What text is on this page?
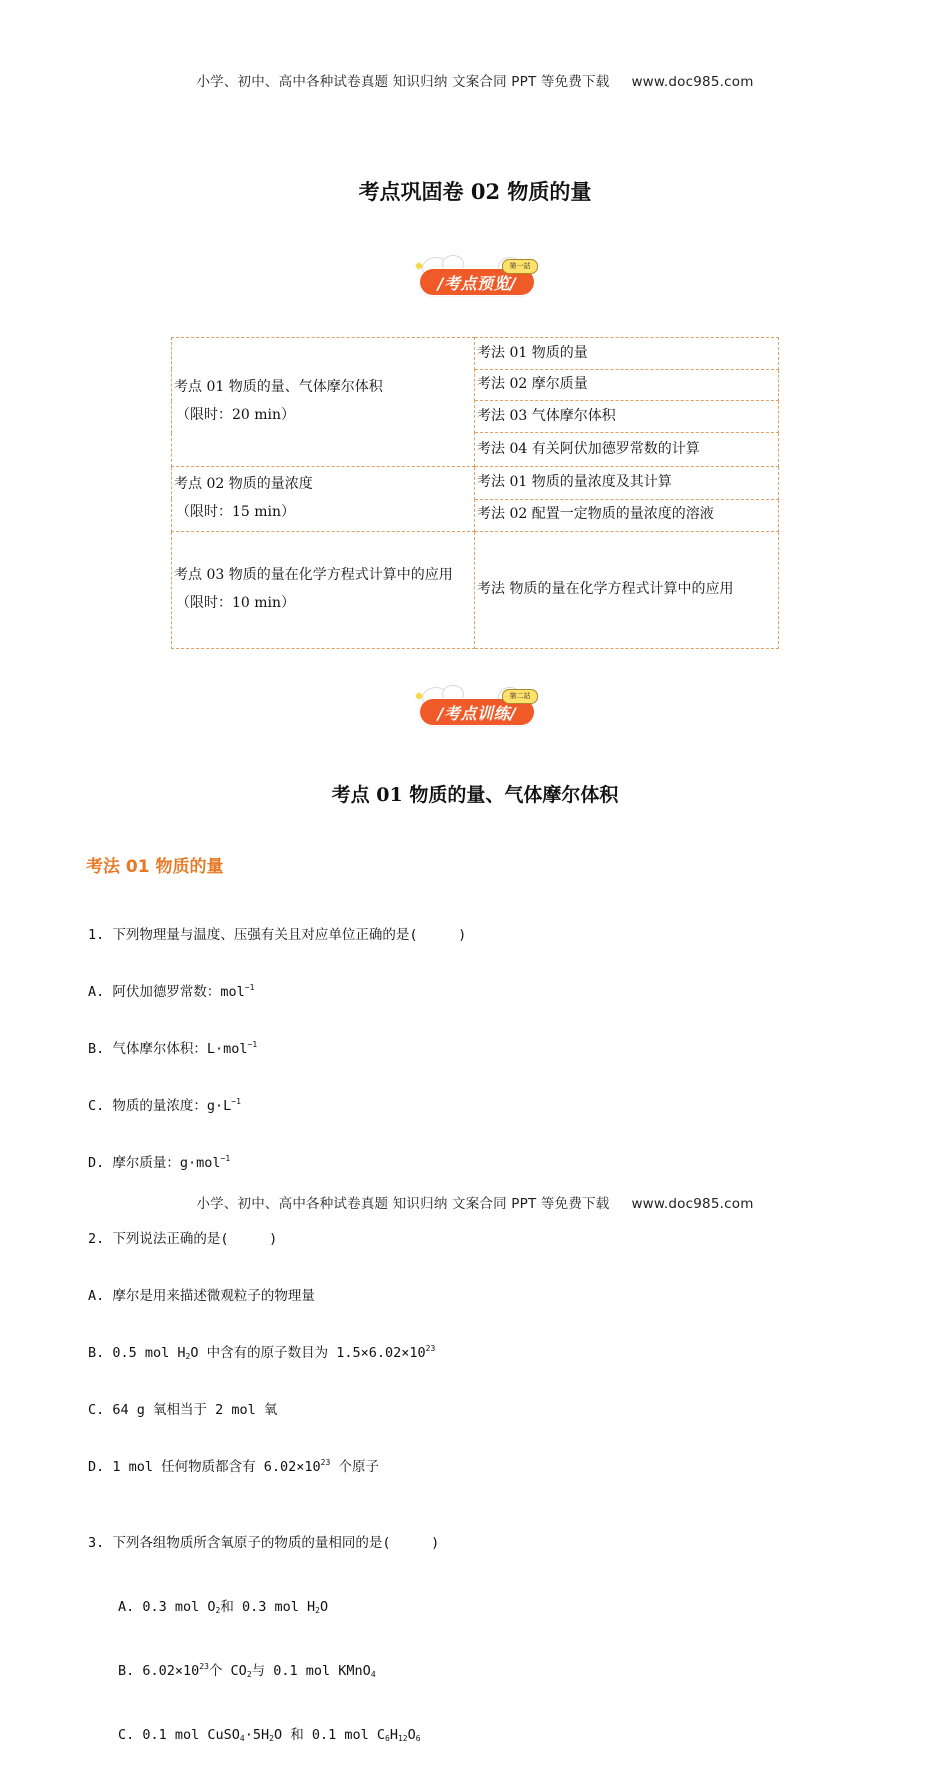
小学、初中、高中各种试卷真题 知识归纳 文案合同 PPT 等免费下载 www.doc985.com
考点巩固卷 02 物质的量
/考点预览/
第一站
考点 01 物质的量、气体摩尔体积
（限时：20 min）	考法 01 物质的量
	考法 02 摩尔质量
	考法 03 气体摩尔体积
	考法 04 有关阿伏加德罗常数的计算
考点 02 物质的量浓度
（限时：15 min）	考法 01 物质的量浓度及其计算
	考法 02 配置一定物质的量浓度的溶液
考点 03 物质的量在化学方程式计算中的应用
（限时：10 min）	考法 物质的量在化学方程式计算中的应用
/考点训练/
第二站
考点 01 物质的量、气体摩尔体积
考法 01 物质的量

1. 下列物理量与温度、压强有关且对应单位正确的是(     )

A. 阿伏加德罗常数：mol$^{-1}$

B. 气体摩尔体积：L·mol$^{-1}$

C. 物质的量浓度：$g\cdot L^{-1}$

D. 摩尔质量：g·mol$^{-1}$

2. 下列说法正确的是(     )

A. 摩尔是用来描述微观粒子的物理量

B. 0.5 mol $H_2O$ 中含有的原子数目为 $1.5\times 6.02\times 10^{23}$

C. 64 g 氧相当于 2 mol 氧

D. 1 mol 任何物质都含有 $6.02\times 10^{23}$ 个原子

3. 下列各组物质所含氧原子的物质的量相同的是(     )

A. 0.3 mol $O_2$和 0.3 mol $H_2O$

B. $6.02\times 10^{23}$个 $CO_2$与 0.1 mol KMnO$_4$

C. 0.1 mol $CuSO_4\cdot 5H_2O$ 和 0.1 mol $C_6H_{12}O_6$

小学、初中、高中各种试卷真题 知识归纳 文案合同 PPT 等免费下载 www.doc985.com
